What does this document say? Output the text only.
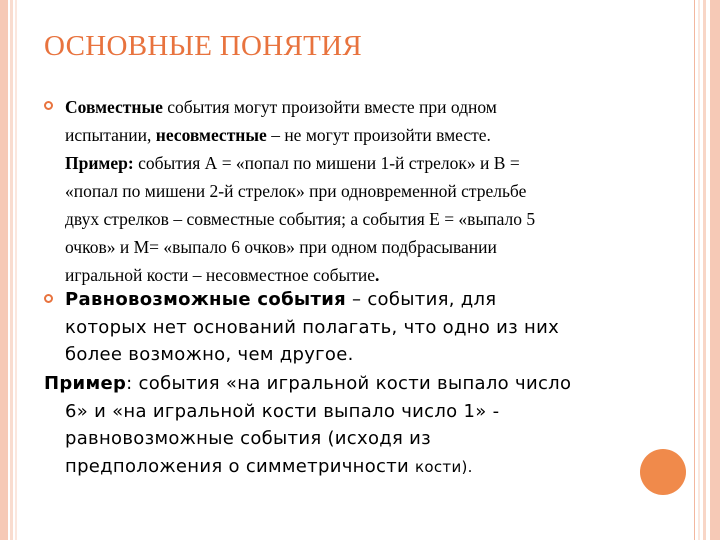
ОСНОВНЫЕ ПОНЯТИЯ
Совместные события могут произойти вместе при одном
испытании, несовместные – не могут произойти вместе.
Пример: события А = «попал по мишени 1-й стрелок» и В =
«попал по мишени 2-й стрелок» при одновременной стрельбе
двух стрелков – совместные события; а события Е = «выпало 5
очков» и М= «выпало 6 очков» при одном подбрасывании
игральной кости – несовместное событие.
Равновозможные события – события, для
которых нет оснований полагать, что одно из них
более возможно, чем другое.
Пример: события «на игральной кости выпало число
6» и «на игральной кости выпало число 1» -
равновозможные события (исходя из
предположения о симметричности кости).
